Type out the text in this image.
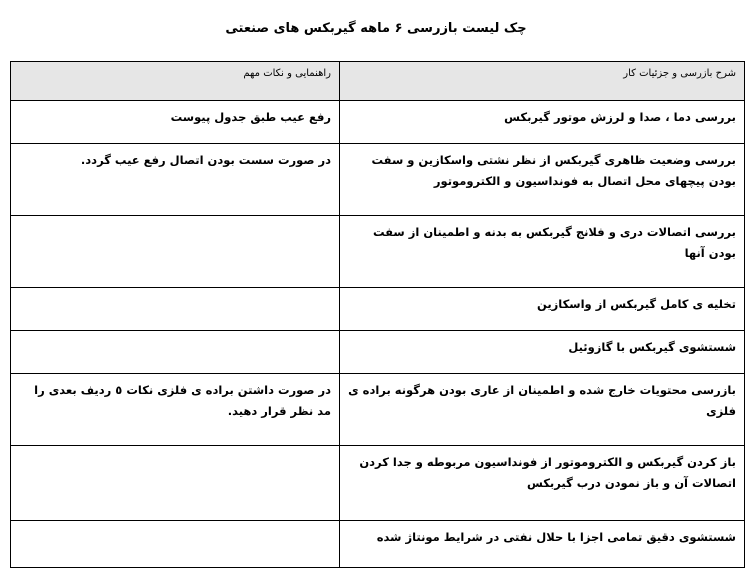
چک لیست بازرسی ۶ ماهه گیربکس های صنعتی
شرح بازرسی و جزئیات کار	راهنمایی و نکات مهم
بررسی دما ، صدا و لرزش موتور گیربکس	رفع عیب طبق جدول پیوست
بررسی وضعیت ظاهری گیربکس از نظر نشتی واسکازین و سفت بودن پیچهای محل اتصال به فونداسیون و الکتروموتور	در صورت سست بودن اتصال رفع عیب گردد.
بررسی اتصالات دری و فلانج گیربکس به بدنه و اطمینان از سفت بودن آنها	
تخلیه ی کامل گیربکس از واسکازین	
شستشوی گیربکس با گازوئیل	
بازرسی محتویات خارج شده و اطمینان از عاری بودن هرگونه براده ی فلزی	در صورت داشتن براده ی فلزی نکات ٥ ردیف بعدی را مد نظر قرار دهید.
باز کردن گیربکس و الکتروموتور از فونداسیون مربوطه و جدا کردن اتصالات آن و باز نمودن درب گیربکس	
شستشوی دقیق تمامی اجزا با حلال نفتی در شرایط مونتاژ شده	
